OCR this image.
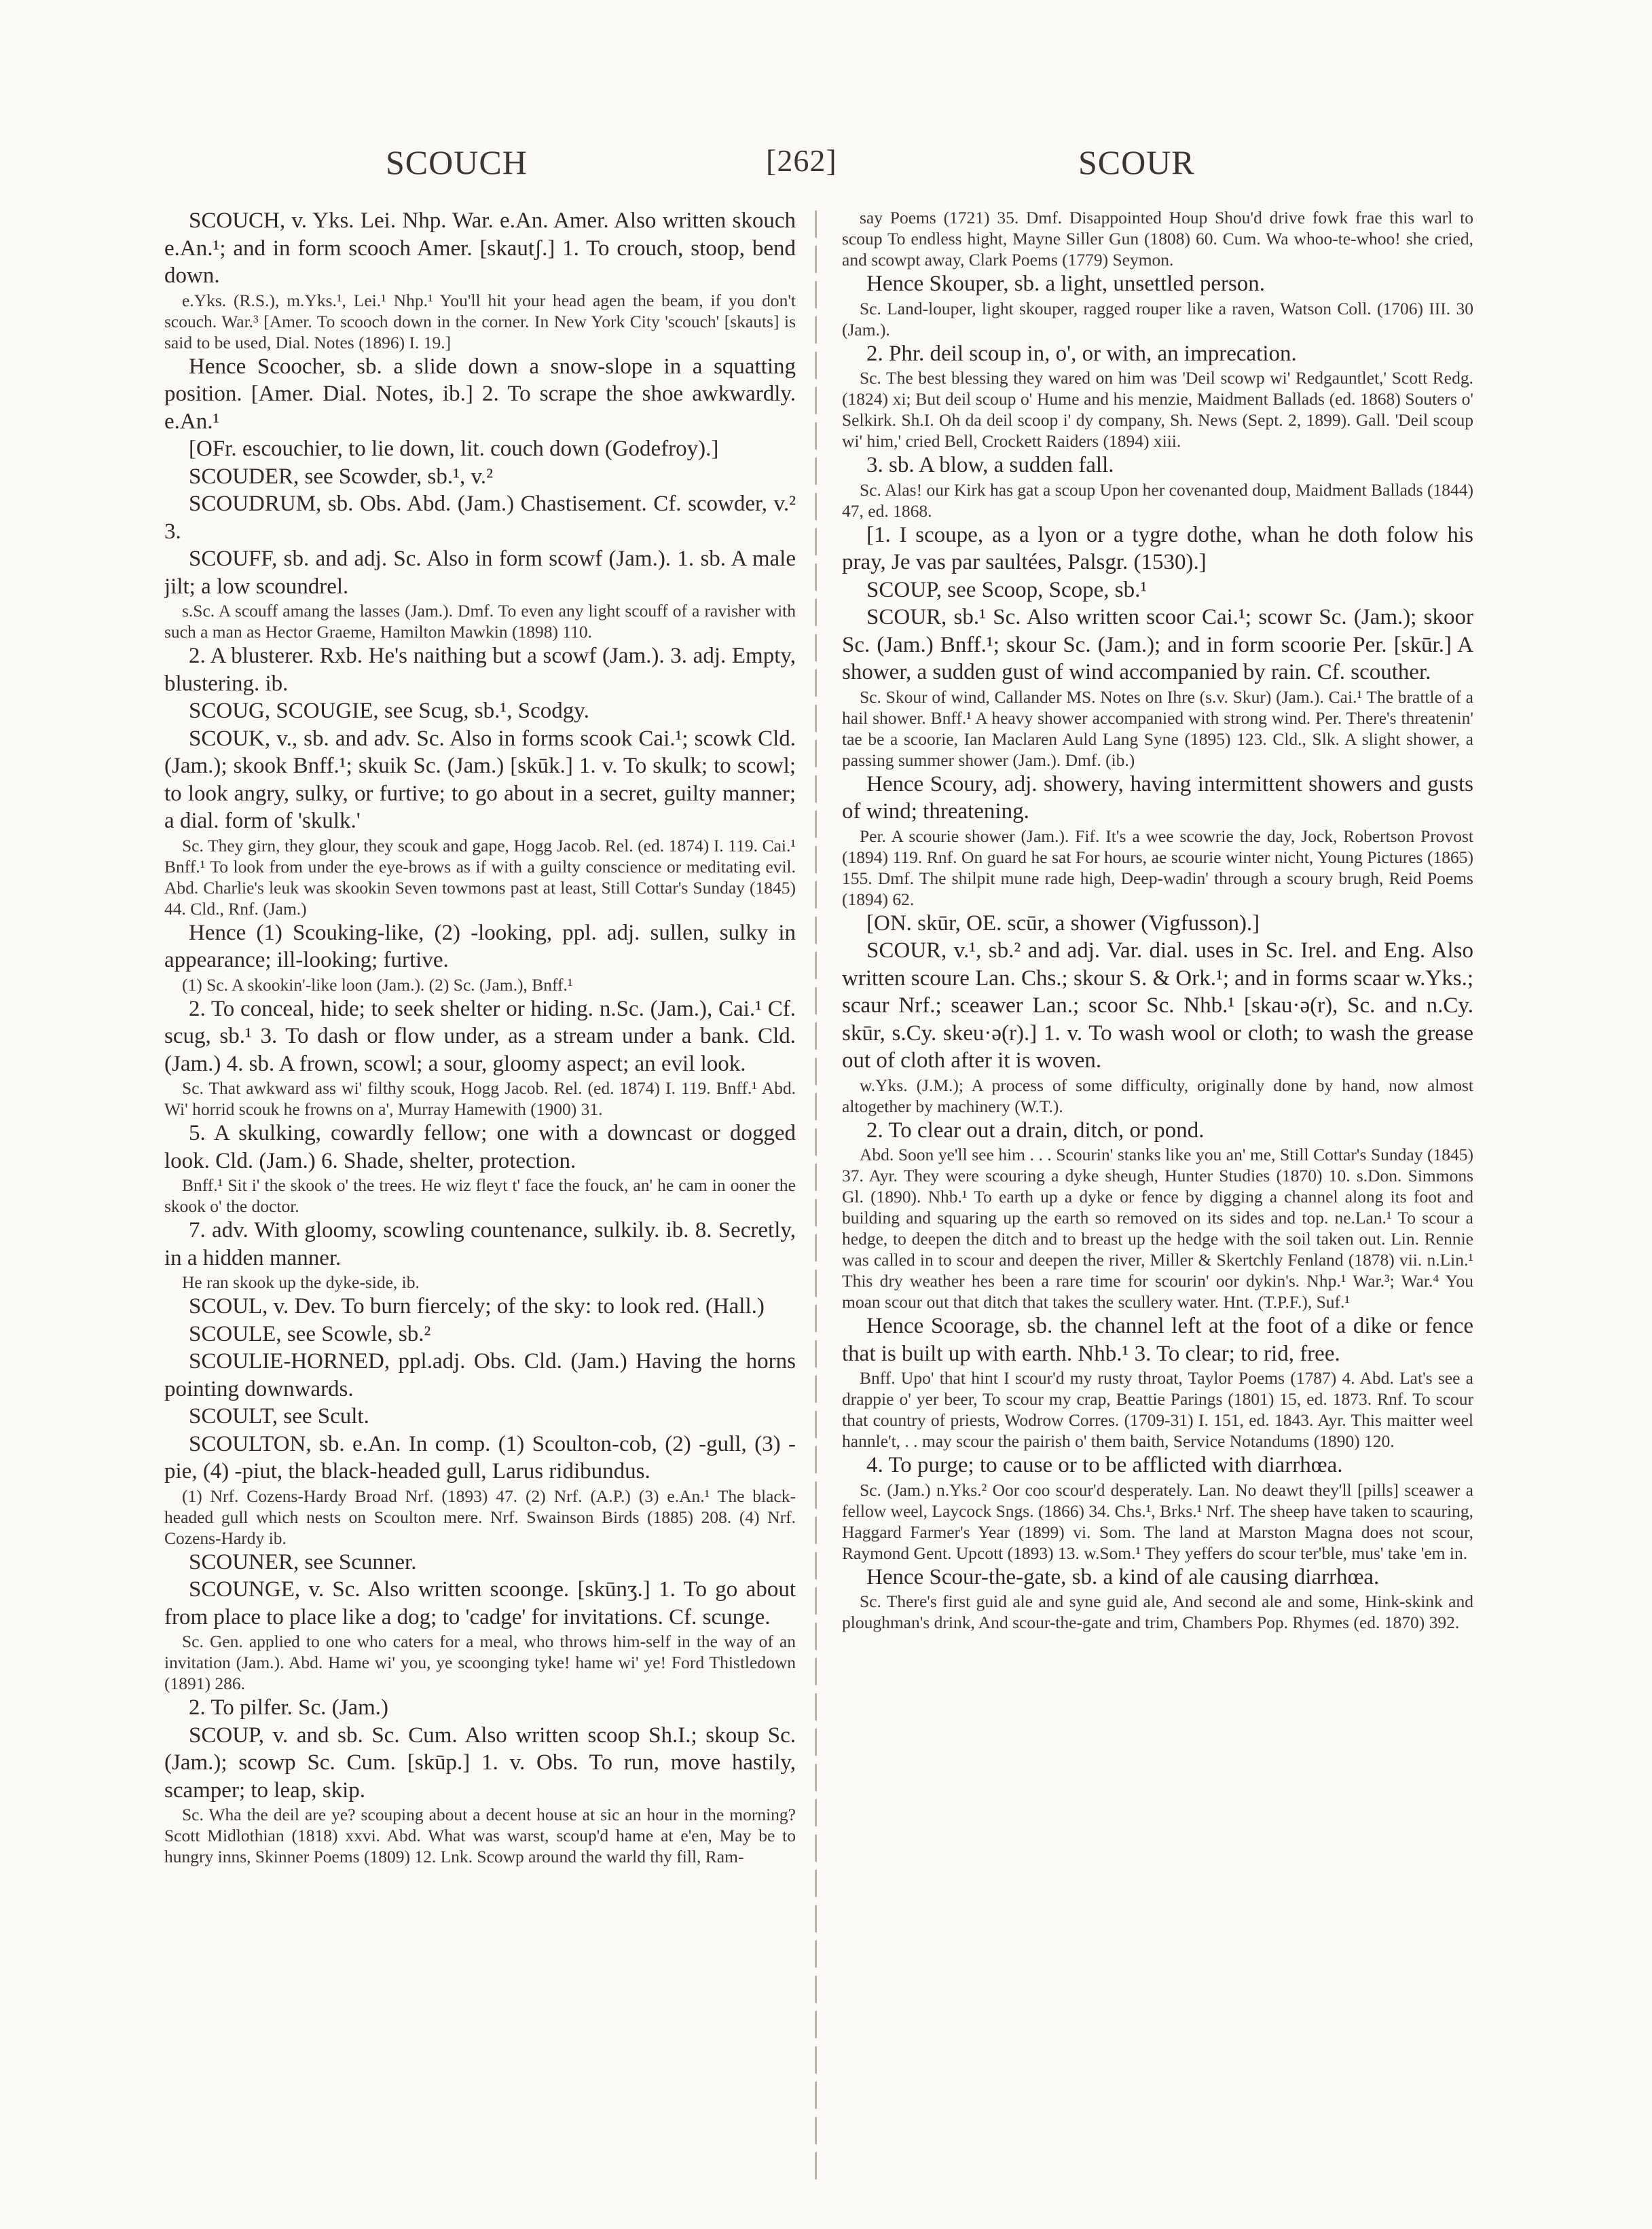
SCOUCH	[262]	SCOUR

SCOUCH, v. Yks. Lei. Nhp. War. e.An. Amer. Also written skouch e.An.¹; and in form scooch Amer. [skautʃ.] 1. To crouch, stoop, bend down.

e.Yks. (R.S.), m.Yks.¹, Lei.¹ Nhp.¹ You'll hit your head agen the beam, if you don't scouch. War.³ [Amer. To scooch down in the corner. In New York City 'scouch' [skauts] is said to be used, Dial. Notes (1896) I. 19.]

Hence Scoocher, sb. a slide down a snow-slope in a squatting position. [Amer. Dial. Notes, ib.] 2. To scrape the shoe awkwardly. e.An.¹

[OFr. escouchier, to lie down, lit. couch down (Godefroy).]

SCOUDER, see Scowder, sb.¹, v.²

SCOUDRUM, sb. Obs. Abd. (Jam.) Chastisement. Cf. scowder, v.² 3.

SCOUFF, sb. and adj. Sc. Also in form scowf (Jam.). 1. sb. A male jilt; a low scoundrel.

s.Sc. A scouff amang the lasses (Jam.). Dmf. To even any light scouff of a ravisher with such a man as Hector Graeme, Hamilton Mawkin (1898) 110.

2. A blusterer. Rxb. He's naithing but a scowf (Jam.). 3. adj. Empty, blustering. ib.

SCOUG, SCOUGIE, see Scug, sb.¹, Scodgy.

SCOUK, v., sb. and adv. Sc. Also in forms scook Cai.¹; scowk Cld. (Jam.); skook Bnff.¹; skuik Sc. (Jam.) [skūk.] 1. v. To skulk; to scowl; to look angry, sulky, or furtive; to go about in a secret, guilty manner; a dial. form of 'skulk.'

Sc. They girn, they glour, they scouk and gape, Hogg Jacob. Rel. (ed. 1874) I. 119. Cai.¹ Bnff.¹ To look from under the eye-brows as if with a guilty conscience or meditating evil. Abd. Charlie's leuk was skookin Seven towmons past at least, Still Cottar's Sunday (1845) 44. Cld., Rnf. (Jam.)

Hence (1) Scouking-like, (2) -looking, ppl. adj. sullen, sulky in appearance; ill-looking; furtive.

(1) Sc. A skookin'-like loon (Jam.). (2) Sc. (Jam.), Bnff.¹

2. To conceal, hide; to seek shelter or hiding. n.Sc. (Jam.), Cai.¹ Cf. scug, sb.¹ 3. To dash or flow under, as a stream under a bank. Cld. (Jam.) 4. sb. A frown, scowl; a sour, gloomy aspect; an evil look.

Sc. That awkward ass wi' filthy scouk, Hogg Jacob. Rel. (ed. 1874) I. 119. Bnff.¹ Abd. Wi' horrid scouk he frowns on a', Murray Hamewith (1900) 31.

5. A skulking, cowardly fellow; one with a downcast or dogged look. Cld. (Jam.) 6. Shade, shelter, protection.

Bnff.¹ Sit i' the skook o' the trees. He wiz fleyt t' face the fouck, an' he cam in ooner the skook o' the doctor.

7. adv. With gloomy, scowling countenance, sulkily. ib. 8. Secretly, in a hidden manner.

He ran skook up the dyke-side, ib.

SCOUL, v. Dev. To burn fiercely; of the sky: to look red. (Hall.)

SCOULE, see Scowle, sb.²

SCOULIE-HORNED, ppl.adj. Obs. Cld. (Jam.) Having the horns pointing downwards.

SCOULT, see Scult.

SCOULTON, sb. e.An. In comp. (1) Scoulton-cob, (2) -gull, (3) -pie, (4) -piut, the black-headed gull, Larus ridibundus.

(1) Nrf. Cozens-Hardy Broad Nrf. (1893) 47. (2) Nrf. (A.P.) (3) e.An.¹ The black-headed gull which nests on Scoulton mere. Nrf. Swainson Birds (1885) 208. (4) Nrf. Cozens-Hardy ib.

SCOUNER, see Scunner.

SCOUNGE, v. Sc. Also written scoonge. [skūnʒ.] 1. To go about from place to place like a dog; to 'cadge' for invitations. Cf. scunge.

Sc. Gen. applied to one who caters for a meal, who throws him-self in the way of an invitation (Jam.). Abd. Hame wi' you, ye scoonging tyke! hame wi' ye! Ford Thistledown (1891) 286.

2. To pilfer. Sc. (Jam.)

SCOUP, v. and sb. Sc. Cum. Also written scoop Sh.I.; skoup Sc. (Jam.); scowp Sc. Cum. [skūp.] 1. v. Obs. To run, move hastily, scamper; to leap, skip.

Sc. Wha the deil are ye? scouping about a decent house at sic an hour in the morning? Scott Midlothian (1818) xxvi. Abd. What was warst, scoup'd hame at e'en, May be to hungry inns, Skinner Poems (1809) 12. Lnk. Scowp around the warld thy fill, Ram-

say Poems (1721) 35. Dmf. Disappointed Houp Shou'd drive fowk frae this warl to scoup To endless hight, Mayne Siller Gun (1808) 60. Cum. Wa whoo-te-whoo! she cried, and scowpt away, Clark Poems (1779) Seymon.

Hence Skouper, sb. a light, unsettled person.

Sc. Land-louper, light skouper, ragged rouper like a raven, Watson Coll. (1706) III. 30 (Jam.).

2. Phr. deil scoup in, o', or with, an imprecation.

Sc. The best blessing they wared on him was 'Deil scowp wi' Redgauntlet,' Scott Redg. (1824) xi; But deil scoup o' Hume and his menzie, Maidment Ballads (ed. 1868) Souters o' Selkirk. Sh.I. Oh da deil scoop i' dy company, Sh. News (Sept. 2, 1899). Gall. 'Deil scoup wi' him,' cried Bell, Crockett Raiders (1894) xiii.

3. sb. A blow, a sudden fall.

Sc. Alas! our Kirk has gat a scoup Upon her covenanted doup, Maidment Ballads (1844) 47, ed. 1868.

[1. I scoupe, as a lyon or a tygre dothe, whan he doth folow his pray, Je vas par saultées, Palsgr. (1530).]

SCOUP, see Scoop, Scope, sb.¹

SCOUR, sb.¹ Sc. Also written scoor Cai.¹; scowr Sc. (Jam.); skoor Sc. (Jam.) Bnff.¹; skour Sc. (Jam.); and in form scoorie Per. [skūr.] A shower, a sudden gust of wind accompanied by rain. Cf. scouther.

Sc. Skour of wind, Callander MS. Notes on Ihre (s.v. Skur) (Jam.). Cai.¹ The brattle of a hail shower. Bnff.¹ A heavy shower accompanied with strong wind. Per. There's threatenin' tae be a scoorie, Ian Maclaren Auld Lang Syne (1895) 123. Cld., Slk. A slight shower, a passing summer shower (Jam.). Dmf. (ib.)

Hence Scoury, adj. showery, having intermittent showers and gusts of wind; threatening.

Per. A scourie shower (Jam.). Fif. It's a wee scowrie the day, Jock, Robertson Provost (1894) 119. Rnf. On guard he sat For hours, ae scourie winter nicht, Young Pictures (1865) 155. Dmf. The shilpit mune rade high, Deep-wadin' through a scoury brugh, Reid Poems (1894) 62.

[ON. skūr, OE. scūr, a shower (Vigfusson).]

SCOUR, v.¹, sb.² and adj. Var. dial. uses in Sc. Irel. and Eng. Also written scoure Lan. Chs.; skour S. & Ork.¹; and in forms scaar w.Yks.; scaur Nrf.; sceawer Lan.; scoor Sc. Nhb.¹ [skau·ə(r), Sc. and n.Cy. skūr, s.Cy. skeu·ə(r).] 1. v. To wash wool or cloth; to wash the grease out of cloth after it is woven.

w.Yks. (J.M.); A process of some difficulty, originally done by hand, now almost altogether by machinery (W.T.).

2. To clear out a drain, ditch, or pond.

Abd. Soon ye'll see him . . . Scourin' stanks like you an' me, Still Cottar's Sunday (1845) 37. Ayr. They were scouring a dyke sheugh, Hunter Studies (1870) 10. s.Don. Simmons Gl. (1890). Nhb.¹ To earth up a dyke or fence by digging a channel along its foot and building and squaring up the earth so removed on its sides and top. ne.Lan.¹ To scour a hedge, to deepen the ditch and to breast up the hedge with the soil taken out. Lin. Rennie was called in to scour and deepen the river, Miller & Skertchly Fenland (1878) vii. n.Lin.¹ This dry weather hes been a rare time for scourin' oor dykin's. Nhp.¹ War.³; War.⁴ You moan scour out that ditch that takes the scullery water. Hnt. (T.P.F.), Suf.¹

Hence Scoorage, sb. the channel left at the foot of a dike or fence that is built up with earth. Nhb.¹ 3. To clear; to rid, free.

Bnff. Upo' that hint I scour'd my rusty throat, Taylor Poems (1787) 4. Abd. Lat's see a drappie o' yer beer, To scour my crap, Beattie Parings (1801) 15, ed. 1873. Rnf. To scour that country of priests, Wodrow Corres. (1709-31) I. 151, ed. 1843. Ayr. This maitter weel hannle't, . . may scour the pairish o' them baith, Service Notandums (1890) 120.

4. To purge; to cause or to be afflicted with diarrhœa.

Sc. (Jam.) n.Yks.² Oor coo scour'd desperately. Lan. No deawt they'll [pills] sceawer a fellow weel, Laycock Sngs. (1866) 34. Chs.¹, Brks.¹ Nrf. The sheep have taken to scauring, Haggard Farmer's Year (1899) vi. Som. The land at Marston Magna does not scour, Raymond Gent. Upcott (1893) 13. w.Som.¹ They yeffers do scour ter'ble, mus' take 'em in.

Hence Scour-the-gate, sb. a kind of ale causing diarrhœa.

Sc. There's first guid ale and syne guid ale, And second ale and some, Hink-skink and ploughman's drink, And scour-the-gate and trim, Chambers Pop. Rhymes (ed. 1870) 392.
